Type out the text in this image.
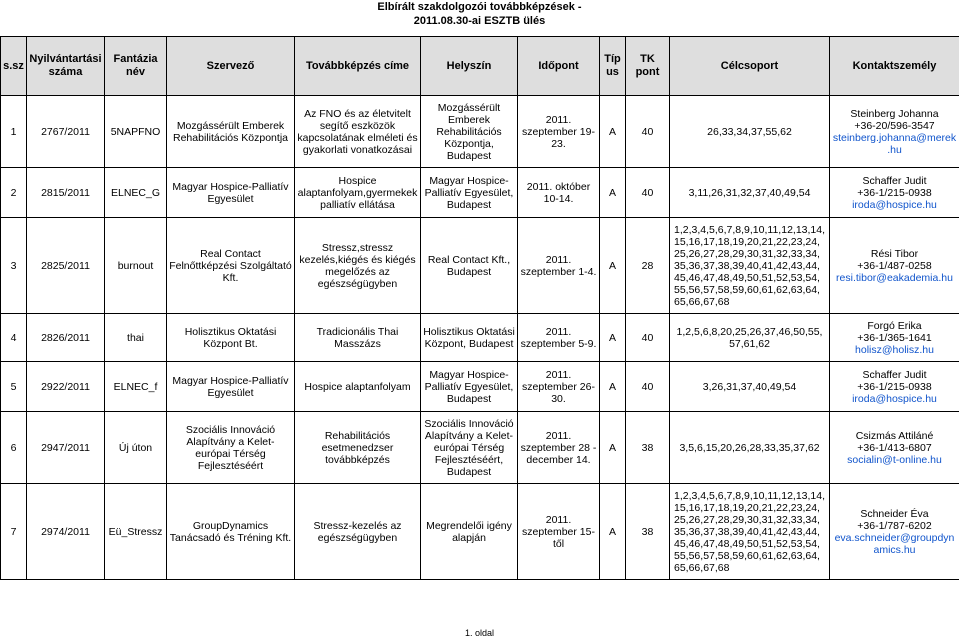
Elbírált szakdolgozói továbbképzések -
2011.08.30-ai ESZTB ülés
s.sz	Nyilvántartási száma	Fantázia név	Szervező	Továbbképzés címe	Helyszín	Időpont	Típus	TK pont	Célcsoport	Kontaktszemély
1	2767/2011	5NAPFNO	Mozgássérült Emberek Rehabilitációs Központja	Az FNO és az életvitelt segítő eszközök kapcsolatának elméleti és gyakorlati vonatkozásai	Mozgássérült Emberek Rehabilitációs Központja, Budapest	2011. szeptember 19-23.	A	40	26,33,34,37,55,62	Steinberg Johanna
+36-20/596-3547
steinberg.johanna@merek.hu

2	2815/2011	ELNEC_G	Magyar Hospice-Palliatív Egyesület	Hospice alaptanfolyam,gyermekek palliatív ellátása	Magyar Hospice-Palliatív Egyesület, Budapest	2011. október 10-14.	A	40	3,11,26,31,32,37,40,49,54	Schaffer Judit
+36-1/215-0938
iroda@hospice.hu

3	2825/2011	burnout	Real Contact Felnőttképzési Szolgáltató Kft.	Stressz,stressz kezelés,kiégés és kiégés megelőzés az egészségügyben	Real Contact Kft., Budapest	2011. szeptember 1-4.	A	28	1,2,3,4,5,6,7,8,9,10,11,12,13,14, 15,16,17,18,19,20,21,22,23,24, 25,26,27,28,29,30,31,32,33,34, 35,36,37,38,39,40,41,42,43,44, 45,46,47,48,49,50,51,52,53,54, 55,56,57,58,59,60,61,62,63,64, 65,66,67,68	Rési Tibor
+36-1/487-0258
resi.tibor@eakademia.hu

4	2826/2011	thai	Holisztikus Oktatási Központ Bt.	Tradicionális Thai Masszázs	Holisztikus Oktatási Központ, Budapest	2011. szeptember 5-9.	A	40	1,2,5,6,8,20,25,26,37,46,50,55, 57,61,62	Forgó Erika
+36-1/365-1641
holisz@holisz.hu

5	2922/2011	ELNEC_f	Magyar Hospice-Palliatív Egyesület	Hospice alaptanfolyam	Magyar Hospice-Palliatív Egyesület, Budapest	2011. szeptember 26-30.	A	40	3,26,31,37,40,49,54	Schaffer Judit
+36-1/215-0938
iroda@hospice.hu

6	2947/2011	Új úton	Szociális Innováció Alapítvány a Kelet-európai Térség Fejlesztéséért	Rehabilitációs esetmenedzser továbbképzés	Szociális Innováció Alapítvány a Kelet-európai Térség Fejlesztéséért, Budapest	2011. szeptember 28 - december 14.	A	38	3,5,6,15,20,26,28,33,35,37,62	Csizmás Attiláné
+36-1/413-6807
socialin@t-online.hu

7	2974/2011	Eü_Stressz	GroupDynamics Tanácsadó és Tréning Kft.	Stressz-kezelés az egészségügyben	Megrendelői igény alapján	2011. szeptember 15-től	A	38	1,2,3,4,5,6,7,8,9,10,11,12,13,14, 15,16,17,18,19,20,21,22,23,24, 25,26,27,28,29,30,31,32,33,34, 35,36,37,38,39,40,41,42,43,44, 45,46,47,48,49,50,51,52,53,54, 55,56,57,58,59,60,61,62,63,64, 65,66,67,68	Schneider Éva
+36-1/787-6202
eva.schneider@groupdynamics.hu
1. oldal
